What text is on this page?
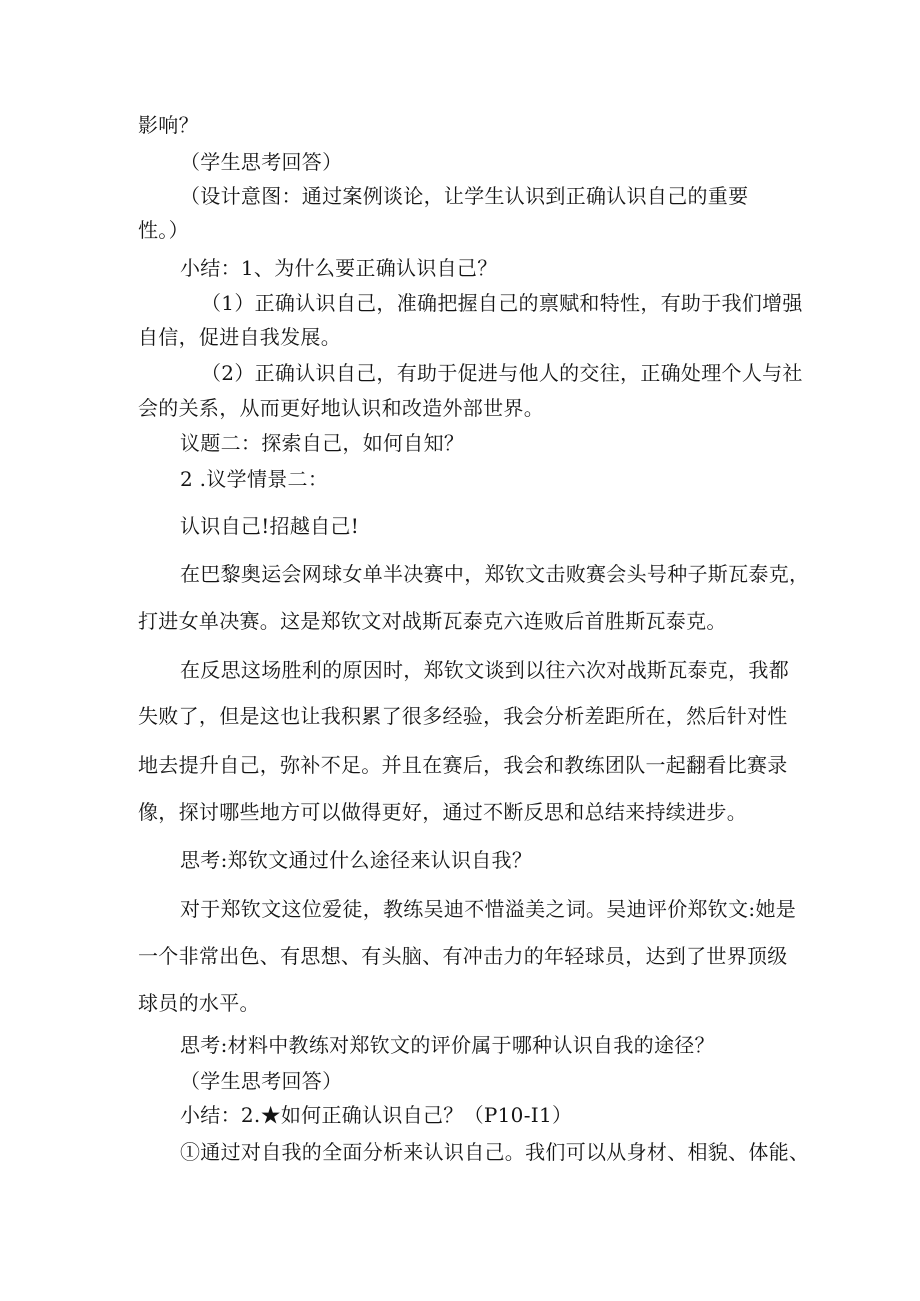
影响？

（学生思考回答）

（设计意图：通过案例谈论，让学生认识到正确认识自己的重要

性。）

小结：1、为什么要正确认识自己？

（1）正确认识自己，准确把握自己的禀赋和特性，有助于我们增强

自信，促进自我发展。

（2）正确认识自己，有助于促进与他人的交往，正确处理个人与社

会的关系，从而更好地认识和改造外部世界。

议题二：探索自己，如何自知？

2 .议学情景二：

认识自己!招越自己!

在巴黎奥运会网球女单半决赛中，郑钦文击败赛会头号种子斯瓦泰克，

打进女单决赛。这是郑钦文对战斯瓦泰克六连败后首胜斯瓦泰克。

在反思这场胜利的原因时，郑钦文谈到以往六次对战斯瓦泰克，我都

失败了，但是这也让我积累了很多经验，我会分析差距所在，然后针对性

地去提升自己，弥补不足。并且在赛后，我会和教练团队一起翻看比赛录

像，探讨哪些地方可以做得更好，通过不断反思和总结来持续进步。

思考:郑钦文通过什么途径来认识自我？

对于郑钦文这位爱徒，教练吴迪不惜溢美之词。吴迪评价郑钦文:她是

一个非常出色、有思想、有头脑、有冲击力的年轻球员，达到了世界顶级

球员的水平。

思考:材料中教练对郑钦文的评价属于哪种认识自我的途径？

（学生思考回答）

小结：2.★如何正确认识自己？（P10-I1）

①通过对自我的全面分析来认识自己。我们可以从身材、相貌、体能、
